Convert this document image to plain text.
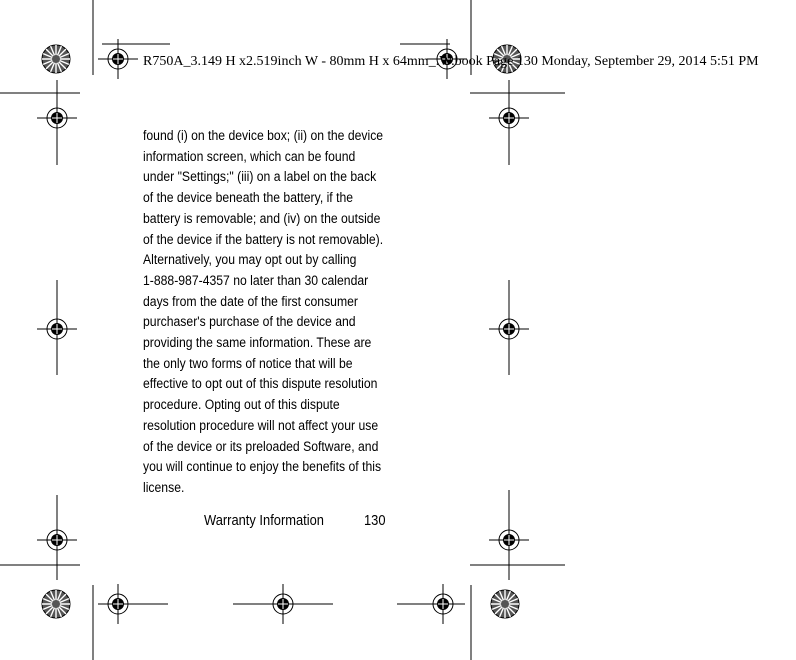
R750A_3.149 H x2.519inch W - 80mm H x 64mm_.W.book Page 130 Monday, September 29, 2014 5:51 PM
found (i) on the device box; (ii) on the device
information screen, which can be found
under "Settings;" (iii) on a label on the back
of the device beneath the battery, if the
battery is removable; and (iv) on the outside
of the device if the battery is not removable).
Alternatively, you may opt out by calling
1-888-987-4357 no later than 30 calendar
days from the date of the first consumer
purchaser's purchase of the device and
providing the same information. These are
the only two forms of notice that will be
effective to opt out of this dispute resolution
procedure. Opting out of this dispute
resolution procedure will not affect your use
of the device or its preloaded Software, and
you will continue to enjoy the benefits of this
license.
Warranty Information	130
